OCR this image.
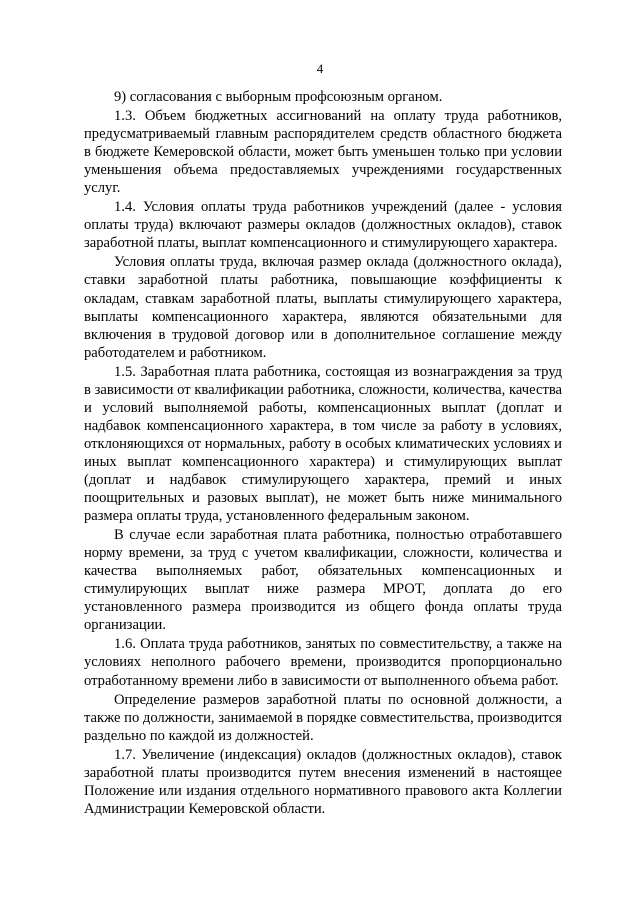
4

9) согласования с выборным профсоюзным органом.

1.3. Объем бюджетных ассигнований на оплату труда работников, предусматриваемый главным распорядителем средств областного бюджета в бюджете Кемеровской области, может быть уменьшен только при условии уменьшения объема предоставляемых учреждениями государственных услуг.

1.4. Условия оплаты труда работников учреждений (далее - условия оплаты труда) включают размеры окладов (должностных окладов), ставок заработной платы, выплат компенсационного и стимулирующего характера.

Условия оплаты труда, включая размер оклада (должностного оклада), ставки заработной платы работника, повышающие коэффициенты к окладам, ставкам заработной платы, выплаты стимулирующего характера, выплаты компенсационного характера, являются обязательными для включения в трудовой договор или в дополнительное соглашение между работодателем и работником.

1.5. Заработная плата работника, состоящая из вознаграждения за труд в зависимости от квалификации работника, сложности, количества, качества и условий выполняемой работы, компенсационных выплат (доплат и надбавок компенсационного характера, в том числе за работу в условиях, отклоняющихся от нормальных, работу в особых климатических условиях и иных выплат компенсационного характера) и стимулирующих выплат (доплат и надбавок стимулирующего характера, премий и иных поощрительных и разовых выплат), не может быть ниже минимального размера оплаты труда, установленного федеральным законом.

В случае если заработная плата работника, полностью отработавшего норму времени, за труд с учетом квалификации, сложности, количества и качества выполняемых работ, обязательных компенсационных и стимулирующих выплат ниже размера МРОТ, доплата до его установленного размера производится из общего фонда оплаты труда организации.

1.6. Оплата труда работников, занятых по совместительству, а также на условиях неполного рабочего времени, производится пропорционально отработанному времени либо в зависимости от выполненного объема работ.

Определение размеров заработной платы по основной должности, а также по должности, занимаемой в порядке совместительства, производится раздельно по каждой из должностей.

1.7. Увеличение (индексация) окладов (должностных окладов), ставок заработной платы производится путем внесения изменений в настоящее Положение или издания отдельного нормативного правового акта Коллегии Администрации Кемеровской области.
